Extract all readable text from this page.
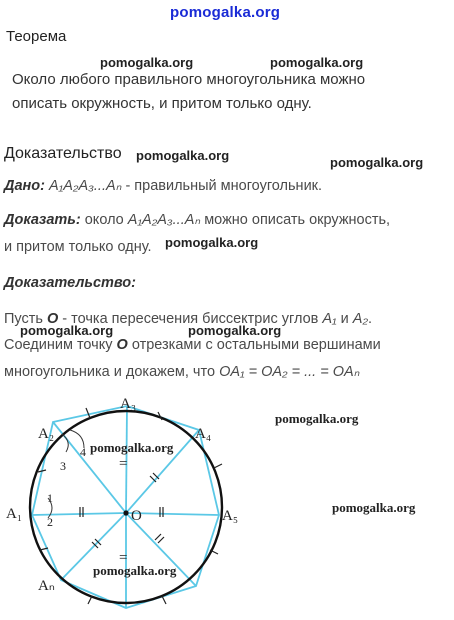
pomogalka.org
Теорема
pomogalka.org	pomogalka.org
Около любого правильного многоугольника можно
описать окружность, и притом только одну.
Доказательство pomogalka.org	pomogalka.org
Дано: A₁A₂A₃...Aₙ - правильный многоугольник.
Доказать: около A₁A₂A₃...Aₙ можно описать окружность,
и притом только одну. pomogalka.org
Доказательство:
Пусть O - точка пересечения биссектрис углов A₁ и A₂.
pomogalka.org	pomogalka.org
Соединим точку O отрезками с остальными вершинами
многоугольника и докажем, что OA₁ = OA₂ = ... = OAₙ
A₃
A₂	A₄
A₁	A₅
Aₙ
O
1
2
3
4
=
=
pomogalka.org
pomogalka.org
pomogalka.org
pomogalka.org
